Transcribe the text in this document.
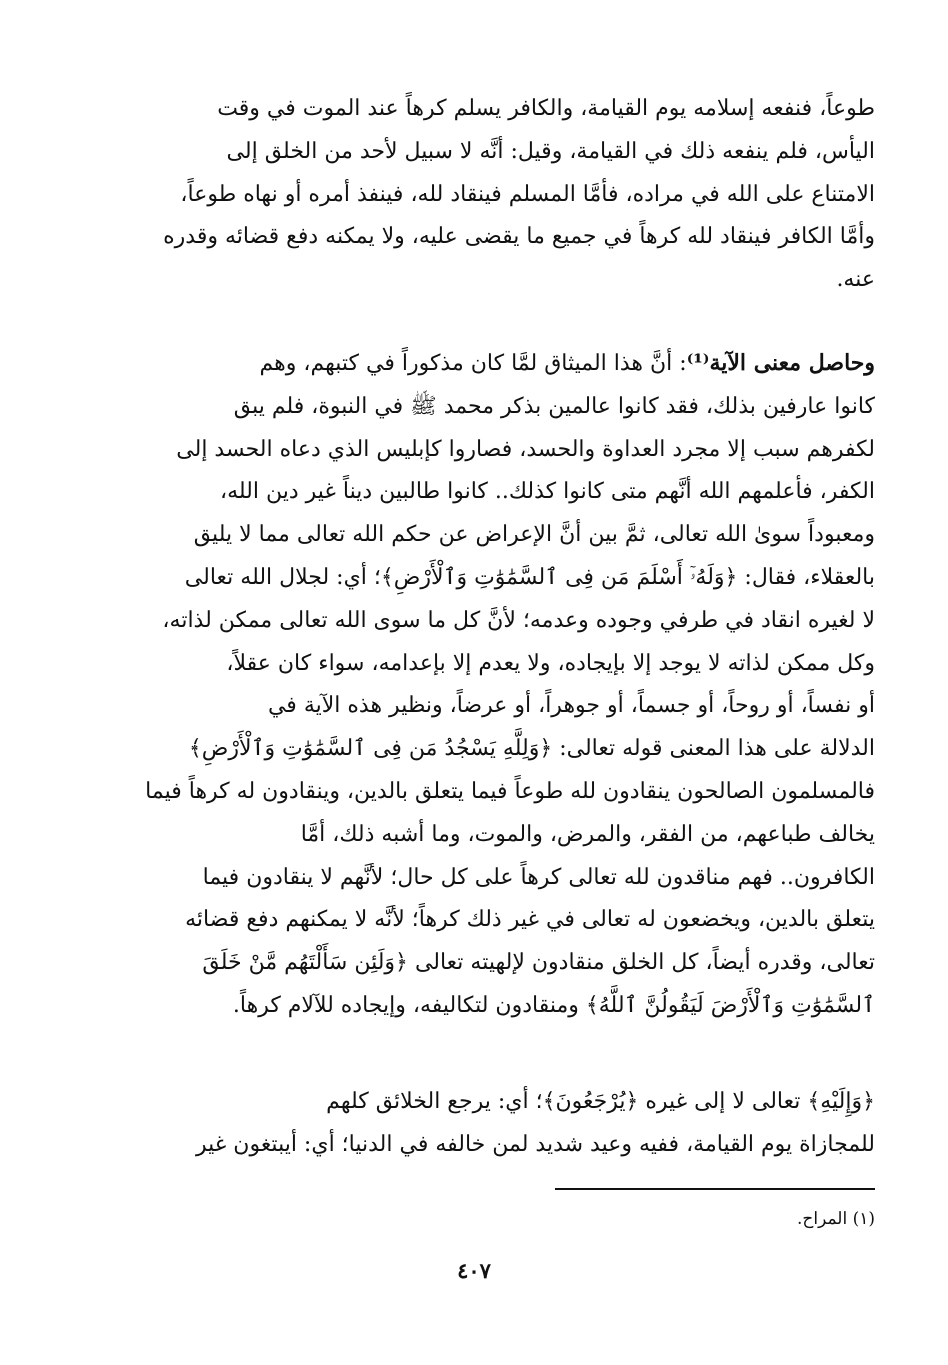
طوعاً، فنفعه إسلامه يوم القيامة، والكافر يسلم كرهاً عند الموت في وقت
اليأس، فلم ينفعه ذلك في القيامة، وقيل: أنَّه لا سبيل لأحد من الخلق إلى
الامتناع على الله في مراده، فأمَّا المسلم فينقاد لله، فينفذ أمره أو نهاه طوعاً،
وأمَّا الكافر فينقاد لله كرهاً في جميع ما يقضى عليه، ولا يمكنه دفع قضائه وقدره
عنه.
وحاصل معنى الآية⁽¹⁾: أنَّ هذا الميثاق لمَّا كان مذكوراً في كتبهم، وهم
كانوا عارفين بذلك، فقد كانوا عالمين بذكر محمد ﷺ في النبوة، فلم يبق
لكفرهم سبب إلا مجرد العداوة والحسد، فصاروا كإبليس الذي دعاه الحسد إلى
الكفر، فأعلمهم الله أنَّهم متى كانوا كذلك.. كانوا طالبين ديناً غير دين الله،
ومعبوداً سوىٰ الله تعالى، ثمَّ بين أنَّ الإعراض عن حكم الله تعالى مما لا يليق
بالعقلاء، فقال: ﴿وَلَهُۥٓ أَسْلَمَ مَن فِى ٱلسَّمَٰوَٰتِ وَٱلْأَرْضِ﴾؛ أي: لجلال الله تعالى
لا لغيره انقاد في طرفي وجوده وعدمه؛ لأنَّ كل ما سوى الله تعالى ممكن لذاته،
وكل ممكن لذاته لا يوجد إلا بإيجاده، ولا يعدم إلا بإعدامه، سواء كان عقلاً،
أو نفساً، أو روحاً، أو جسماً، أو جوهراً، أو عرضاً، ونظير هذه الآية في
الدلالة على هذا المعنى قوله تعالى: ﴿وَلِلَّهِ يَسْجُدُ مَن فِى ٱلسَّمَٰوَٰتِ وَٱلْأَرْضِ﴾
فالمسلمون الصالحون ينقادون لله طوعاً فيما يتعلق بالدين، وينقادون له كرهاً فيما
يخالف طباعهم، من الفقر، والمرض، والموت، وما أشبه ذلك، أمَّا
الكافرون.. فهم مناقدون لله تعالى كرهاً على كل حال؛ لأنَّهم لا ينقادون فيما
يتعلق بالدين، ويخضعون له تعالى في غير ذلك كرهاً؛ لأنَّه لا يمكنهم دفع قضائه
تعالى، وقدره أيضاً، كل الخلق منقادون لإلهيته تعالى ﴿وَلَئِن سَأَلْتَهُم مَّنْ خَلَقَ
ٱلسَّمَٰوَٰتِ وَٱلْأَرْضَ لَيَقُولُنَّ ٱللَّهُ﴾ ومنقادون لتكاليفه، وإيجاده للآلام كرهاً.
﴿وَإِلَيْهِ﴾ تعالى لا إلى غيره ﴿يُرْجَعُونَ﴾؛ أي: يرجع الخلائق كلهم
للمجازاة يوم القيامة، ففيه وعيد شديد لمن خالفه في الدنيا؛ أي: أيبتغون غير
(١) المراح.
٤٠٧
